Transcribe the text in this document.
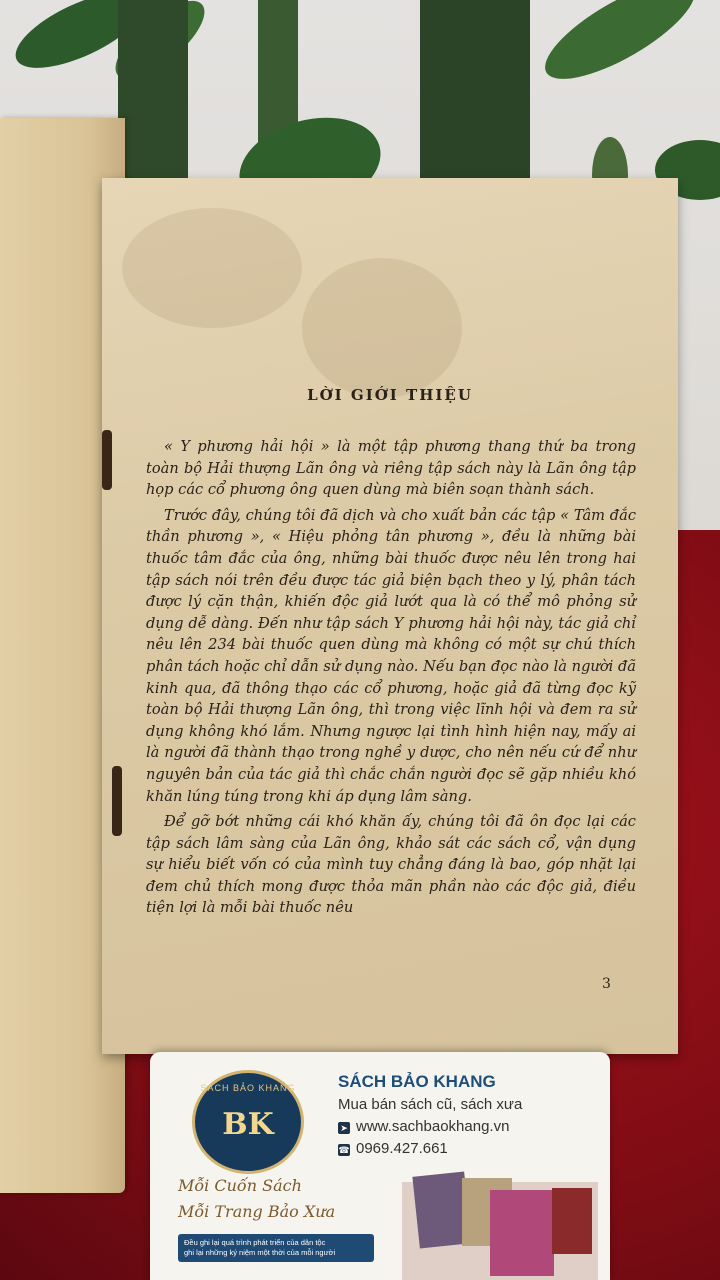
LỜI GIỚI THIỆU

« Y phương hải hội » là một tập phương thang thứ ba trong toàn bộ Hải thượng Lãn ông và riêng tập sách này là Lãn ông tập họp các cổ phương ông quen dùng mà biên soạn thành sách.

Trước đây, chúng tôi đã dịch và cho xuất bản các tập « Tâm đắc thần phương », « Hiệu phỏng tân phương », đều là những bài thuốc tâm đắc của ông, những bài thuốc được nêu lên trong hai tập sách nói trên đều được tác giả biện bạch theo y lý, phân tách được lý cặn thận, khiến độc giả lướt qua là có thể mô phỏng sử dụng dễ dàng. Đến như tập sách Y phương hải hội này, tác giả chỉ nêu lên 234 bài thuốc quen dùng mà không có một sự chú thích phân tách hoặc chỉ dẫn sử dụng nào. Nếu bạn đọc nào là người đã kinh qua, đã thông thạo các cổ phương, hoặc giả đã từng đọc kỹ toàn bộ Hải thượng Lãn ông, thì trong việc lĩnh hội và đem ra sử dụng không khó lắm. Nhưng ngược lại tình hình hiện nay, mấy ai là người đã thành thạo trong nghề y dược, cho nên nếu cứ để như nguyên bản của tác giả thì chắc chắn người đọc sẽ gặp nhiều khó khăn lúng túng trong khi áp dụng lâm sàng.

Để gỡ bớt những cái khó khăn ấy, chúng tôi đã ôn đọc lại các tập sách lâm sàng của Lãn ông, khảo sát các sách cổ, vận dụng sự hiểu biết vốn có của mình tuy chẳng đáng là bao, góp nhặt lại đem chủ thích mong được thỏa mãn phần nào các độc giả, điều tiện lợi là mỗi bài thuốc nêu

3
SÁCH BẢO KHANG
BK
SÁCH BẢO KHANG
Mua bán sách cũ, sách xưa
➤ www.sachbaokhang.vn
☎ 0969.427.661
Mỗi Cuốn Sách
Mỗi Trang Bảo Xưa
Đều ghi lại quá trình phát triển của dân tộc
ghi lại những ký niệm một thời của mỗi người
